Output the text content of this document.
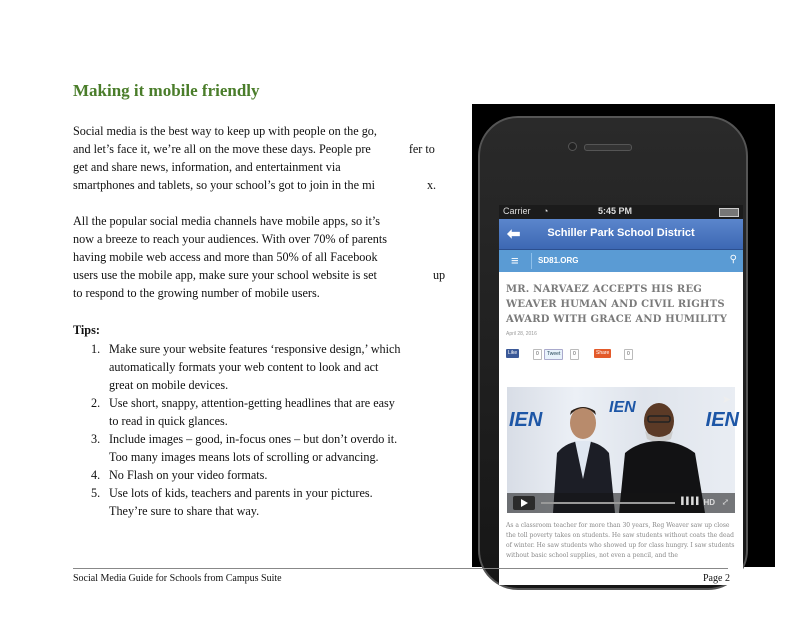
Making it mobile friendly
Social media is the best way to keep up with people on the go,
and let’s face it, we’re all on the move these days. People pre	fer to
get and share news, information, and entertainment via
smartphones and tablets, so your school’s got to join in the mi	x.
All the popular social media channels have mobile apps, so it’s
now a breeze to reach your audiences. With over 70% of parents
having mobile web access and more than 50% of all Facebook
users use the mobile app, make sure your school website is set	up
to respond to the growing number of mobile users.
Tips:
1. Make sure your website features ‘responsive design,’ which
automatically formats your web content to look and act
great on mobile devices.
2. Use short, snappy, attention-getting headlines that are easy
to read in quick glances.
3. Include images – good, in-focus ones – but don’t overdo it.
Too many images means lots of scrolling or advancing.
4. No Flash on your video formats.
5. Use lots of kids, teachers and parents in your pictures.
They’re sure to share that way.
Carrier ◔	5:45 PM
⬅	Schiller Park School District
≡ SD81.ORG	⚲
MR. NARVAEZ ACCEPTS HIS REG WEAVER HUMAN AND CIVIL RIGHTS AWARD WITH GRACE AND HUMILITY
April 28, 2016
Like	0	Tweet	0	Share	0
IEN
IEN
IEN
➤
▌▌▌▌ HD ⤢
As a classroom teacher for more than 30 years, Reg Weaver saw up close the toll poverty takes on students. He saw students without coats the dead of winter. He saw students who showed up for class hungry. I saw students without basic school supplies, not even a pencil, and the
Social Media Guide for Schools from Campus Suite	Page 2
